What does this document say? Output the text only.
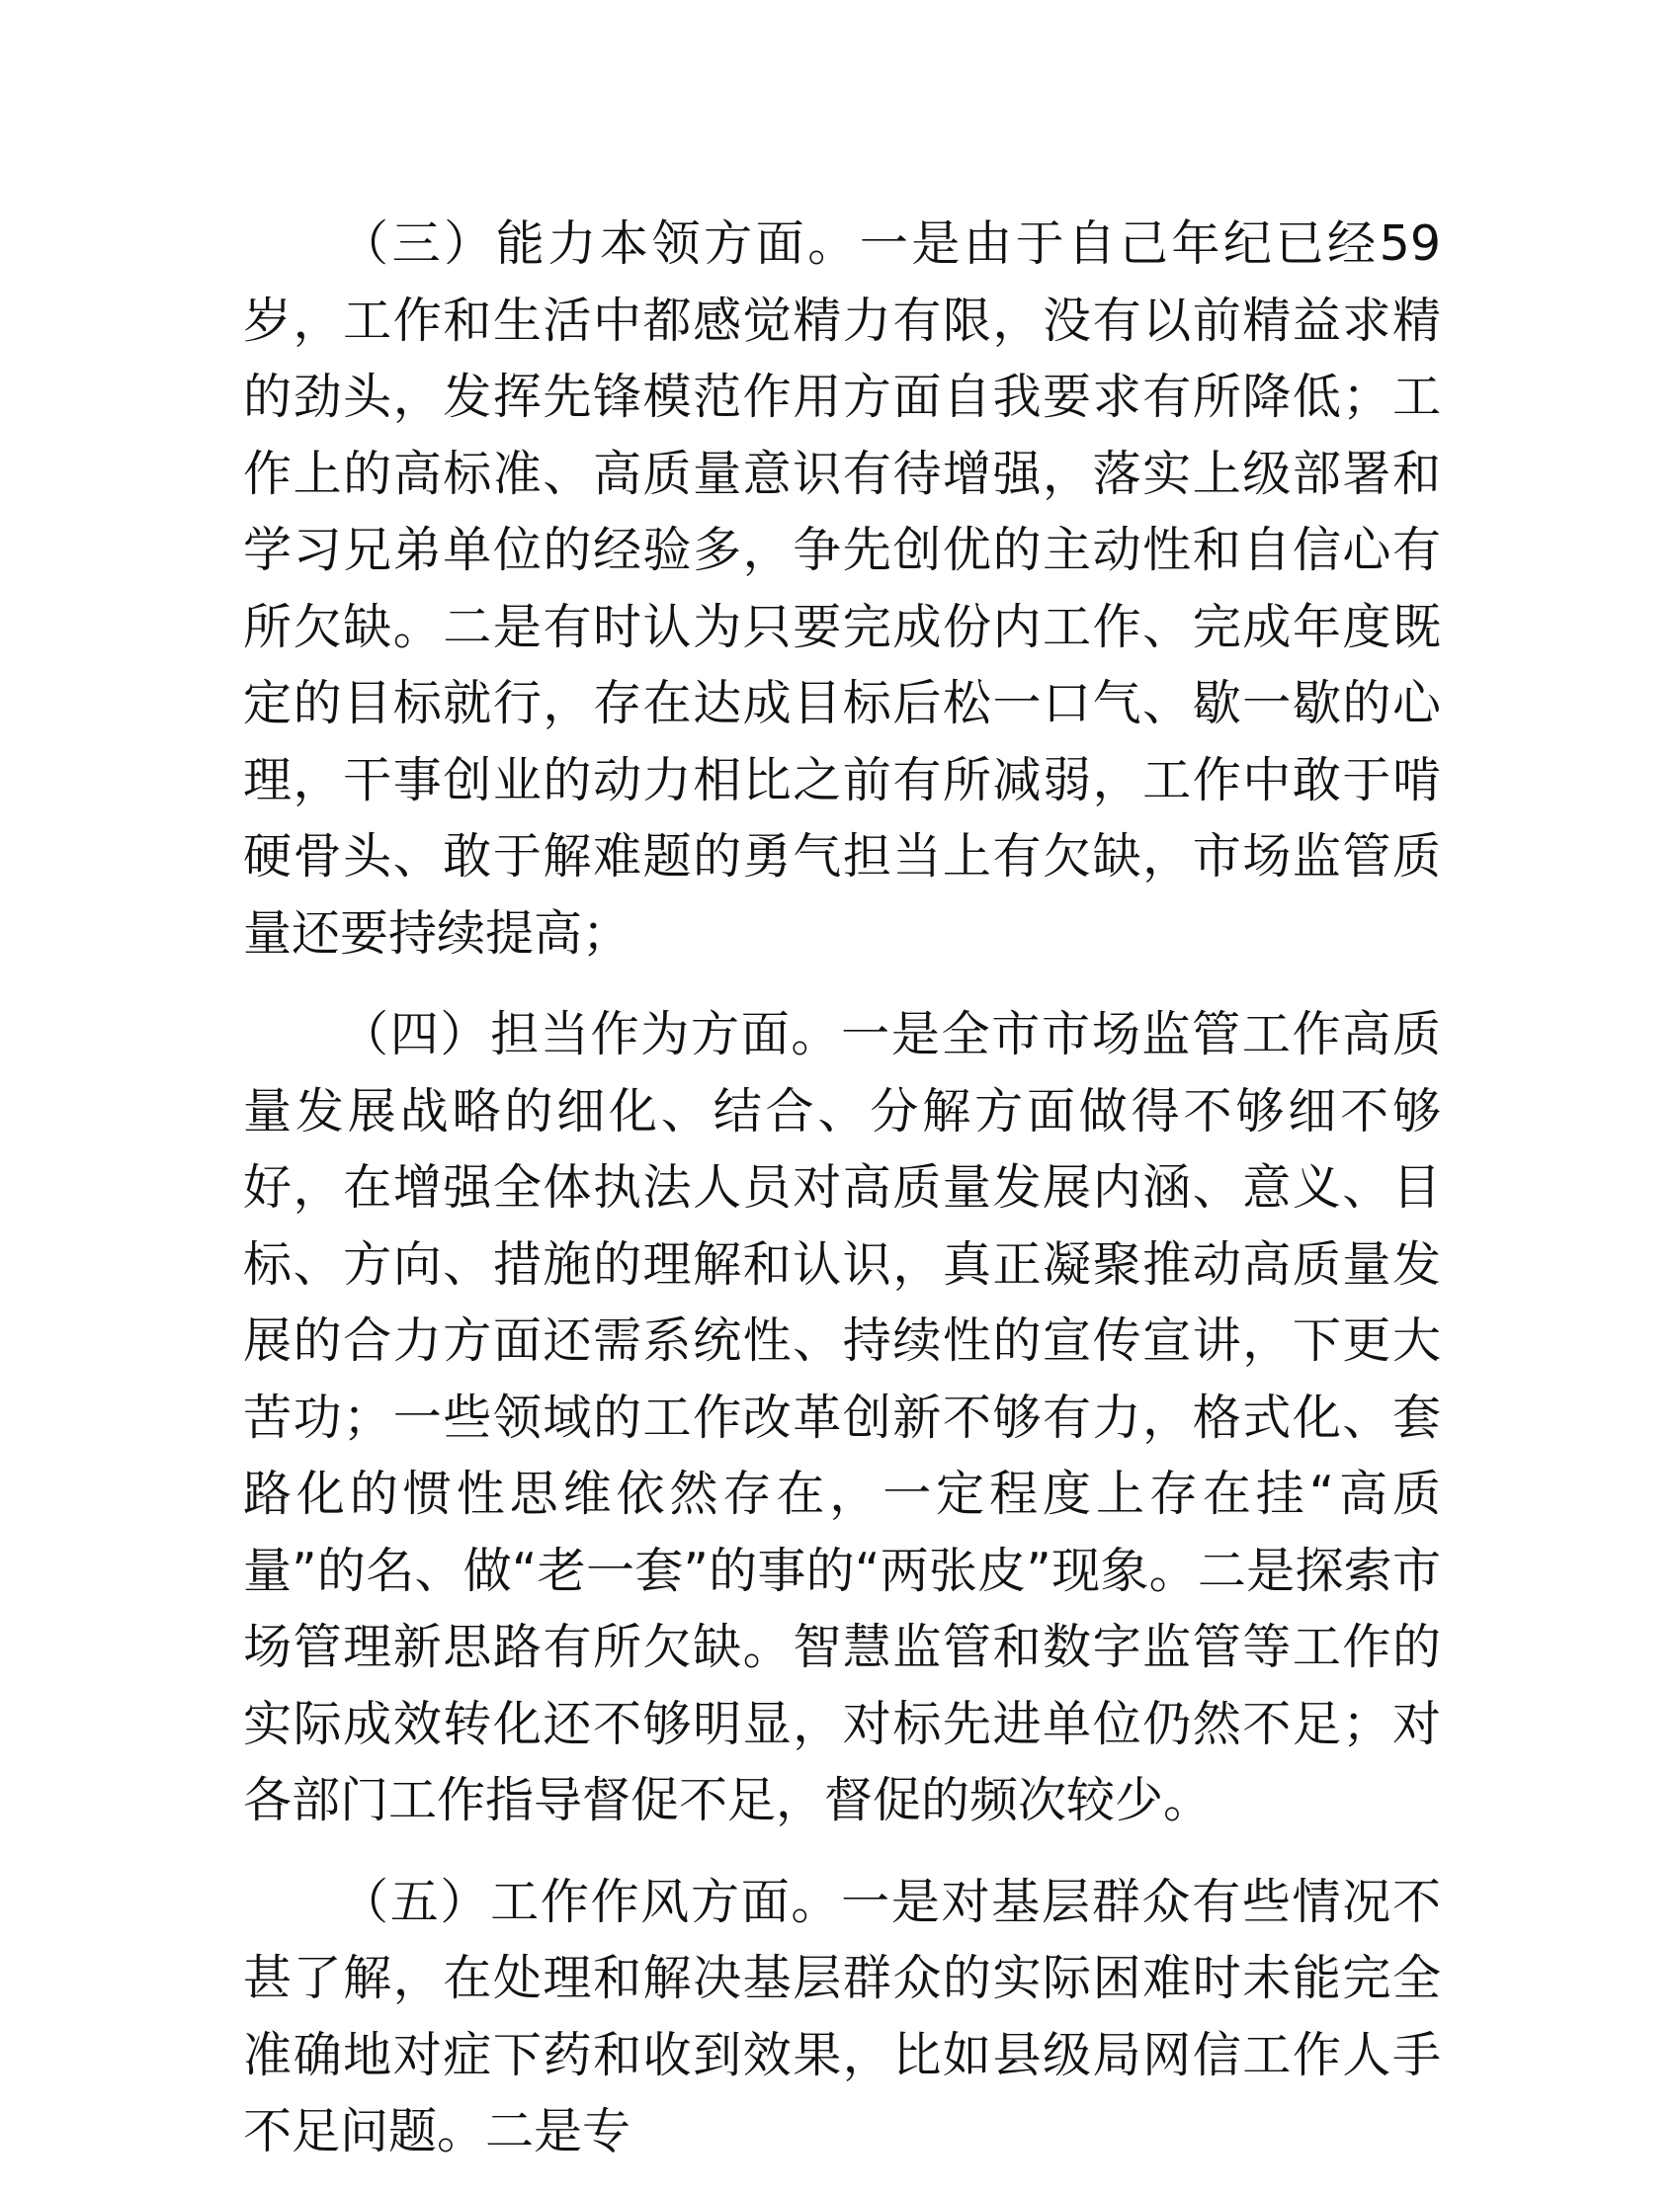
（三）能力本领方面。一是由于自己年纪已经59岁，工作和生活中都感觉精力有限，没有以前精益求精的劲头，发挥先锋模范作用方面自我要求有所降低；工作上的高标准、高质量意识有待增强，落实上级部署和学习兄弟单位的经验多，争先创优的主动性和自信心有所欠缺。二是有时认为只要完成份内工作、完成年度既定的目标就行，存在达成目标后松一口气、歇一歇的心理，干事创业的动力相比之前有所减弱，工作中敢于啃硬骨头、敢于解难题的勇气担当上有欠缺，市场监管质量还要持续提高；

（四）担当作为方面。一是全市市场监管工作高质量发展战略的细化、结合、分解方面做得不够细不够好，在增强全体执法人员对高质量发展内涵、意义、目标、方向、措施的理解和认识，真正凝聚推动高质量发展的合力方面还需系统性、持续性的宣传宣讲，下更大苦功；一些领域的工作改革创新不够有力，格式化、套路化的惯性思维依然存在，一定程度上存在挂“高质量”的名、做“老一套”的事的“两张皮”现象。二是探索市场管理新思路有所欠缺。智慧监管和数字监管等工作的实际成效转化还不够明显，对标先进单位仍然不足；对各部门工作指导督促不足，督促的频次较少。

（五）工作作风方面。一是对基层群众有些情况不甚了解，在处理和解决基层群众的实际困难时未能完全准确地对症下药和收到效果，比如县级局网信工作人手不足问题。二是专
